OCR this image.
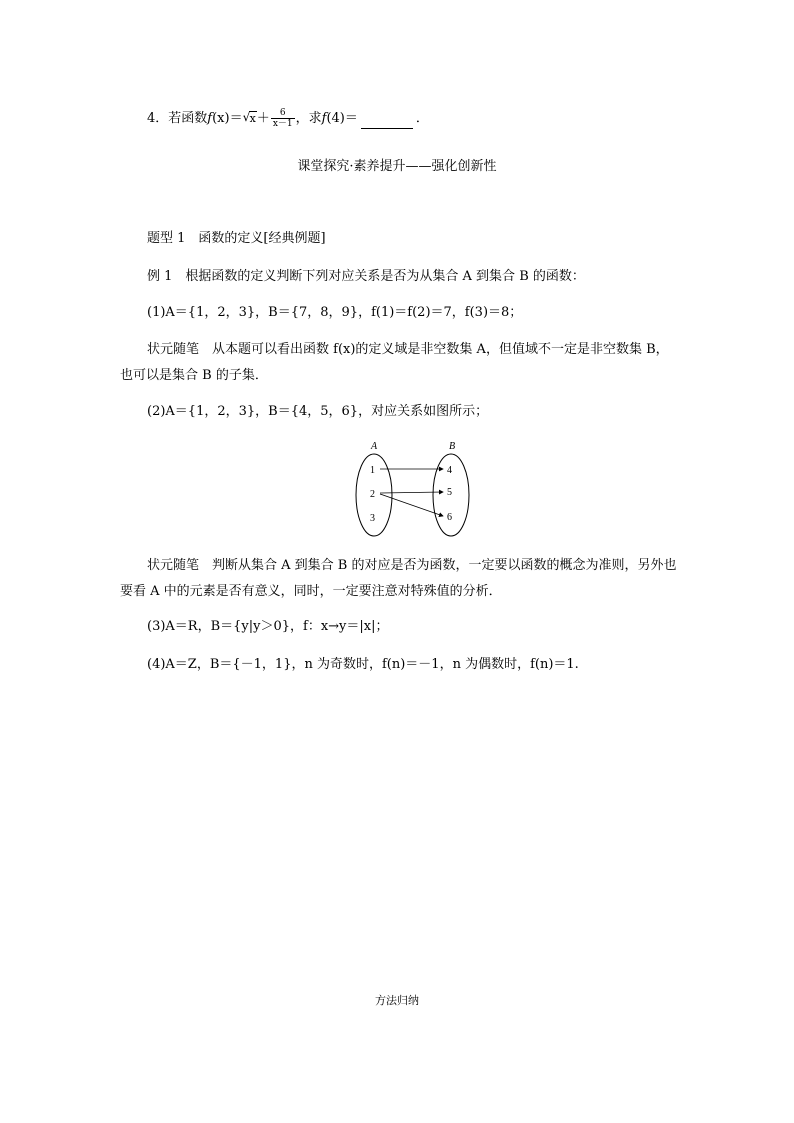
4．若函数f(x)＝ √ $x+ \frac{6}{x-1}$ ，求f(4)＝	．
课堂探究·素养提升——强化创新性
题型 1　函数的定义[经典例题]
例 1　根据函数的定义判断下列对应关系是否为从集合 A 到集合 B 的函数：
(1)A＝{1，2，3}，B＝{7，8，9}，f(1)＝f(2)＝7，f(3)＝8；
状元随笔　从本题可以看出函数 f(x)的定义域是非空数集 A，但值域不一定是非空数集 B，也可以是集合 B 的子集．
(2)A＝{1，2，3}，B＝{4，5，6}，对应关系如图所示；
A	B
1
2
3
4
5
6
状元随笔　判断从集合 A 到集合 B 的对应是否为函数，一定要以函数的概念为准则，另外也要看 A 中的元素是否有意义，同时，一定要注意对特殊值的分析．
(3)A＝R，B＝{y|y＞0}，f：x→y＝|x|；
(4)A＝Z，B＝{－1，1}，n 为奇数时，f(n)＝－1，n 为偶数时，f(n)＝1.
方法归纳
